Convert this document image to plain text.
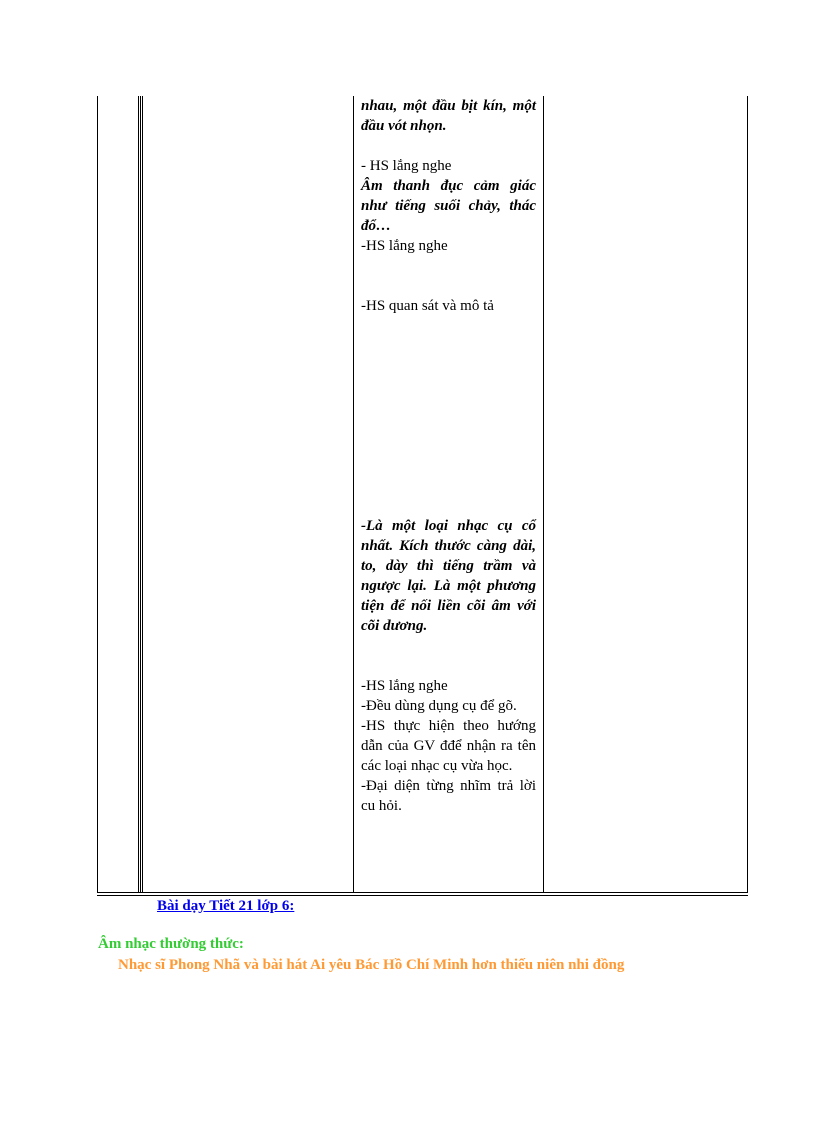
nhau, một đầu bịt kín, một đầu vót nhọn.

- HS lắng nghe

Âm thanh đục cảm giác như tiếng suối chảy, thác đổ…

-HS lắng nghe

-HS quan sát và mô tả

-Là một loại nhạc cụ cổ nhất. Kích thước càng dài, to, dày thì tiếng trầm và ngược lại. Là một phương tiện để nối liền cõi âm với cõi dương.

-HS lắng nghe

-Đều dùng dụng cụ để gõ.

-HS thực hiện theo hướng dẫn của GV đđể nhận ra tên các loại nhạc cụ vừa học.

-Đại diện từng nhĩm trả lời cu hỏi.

Bài dạy Tiết 21 lớp 6:
Âm nhạc thường thức:
Nhạc sĩ Phong Nhã và bài hát Ai yêu Bác Hồ Chí Minh hơn thiếu niên nhi đồng
